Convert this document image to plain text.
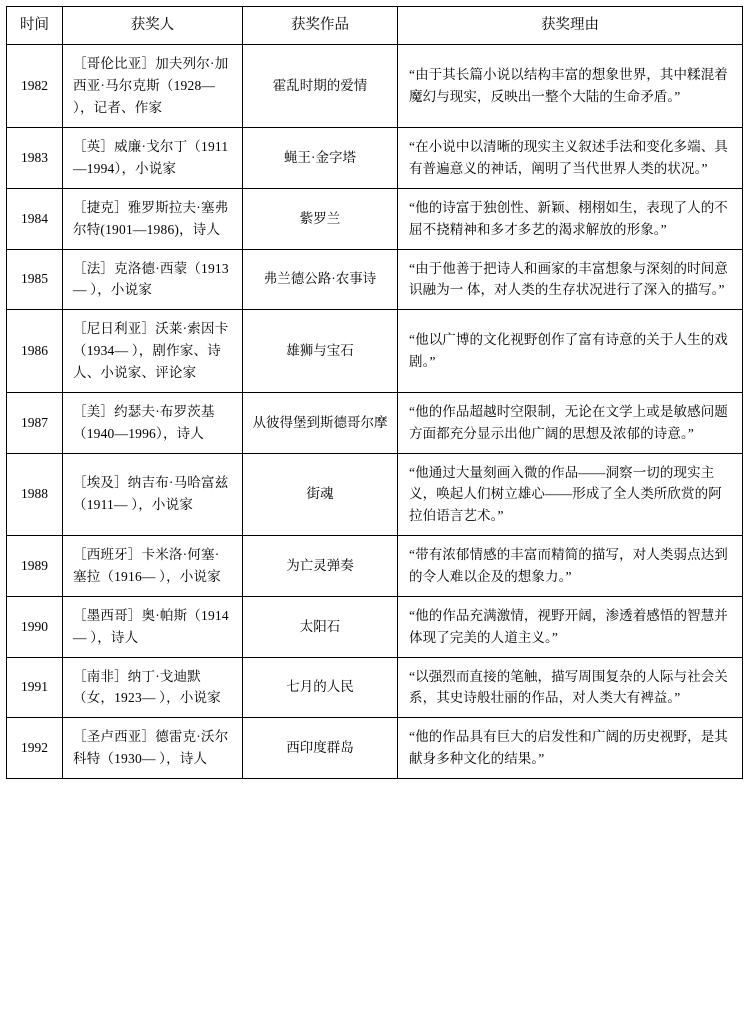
时间	获奖人	获奖作品	获奖理由
1982	［哥伦比亚］加夫列尔·加西亚·马尔克斯（1928— ），记者、作家	霍乱时期的爱情	“由于其长篇小说以结构丰富的想象世界，其中糅混着魔幻与现实，反映出一整个大陆的生命矛盾。”
1983	［英］威廉·戈尔丁（1911—1994），小说家	蝇王·金字塔	“在小说中以清晰的现实主义叙述手法和变化多端、具有普遍意义的神话，阐明了当代世界人类的状况。”
1984	［捷克］雅罗斯拉夫·塞弗尔特(1901—1986)，诗人	紫罗兰	“他的诗富于独创性、新颖、栩栩如生，表现了人的不屈不挠精神和多才多艺的渴求解放的形象。”
1985	［法］克洛德·西蒙（1913— ），小说家	弗兰德公路·农事诗	“由于他善于把诗人和画家的丰富想象与深刻的时间意识融为一 体，对人类的生存状况进行了深入的描写。”
1986	［尼日利亚］沃莱·索因卡（1934— ），剧作家、诗人、小说家、评论家	雄狮与宝石	“他以广博的文化视野创作了富有诗意的关于人生的戏剧。”
1987	［美］约瑟夫·布罗茨基（1940—1996），诗人	从彼得堡到斯德哥尔摩	“他的作品超越时空限制，无论在文学上或是敏感问题方面都充分显示出他广阔的思想及浓郁的诗意。”
1988	［埃及］纳吉布·马哈富兹（1911— ），小说家	街魂	“他通过大量刻画入微的作品——洞察一切的现实主义，唤起人们树立雄心——形成了全人类所欣赏的阿拉伯语言艺术。”
1989	［西班牙］卡米洛·何塞·塞拉（1916— ），小说家	为亡灵弹奏	“带有浓郁情感的丰富而精简的描写，对人类弱点达到的令人难以企及的想象力。”
1990	［墨西哥］奥·帕斯（1914— ），诗人	太阳石	“他的作品充满激情，视野开阔，渗透着感悟的智慧并体现了完美的人道主义。”
1991	［南非］纳丁·戈迪默（女，1923— ），小说家	七月的人民	“以强烈而直接的笔触，描写周围复杂的人际与社会关系，其史诗般壮丽的作品，对人类大有裨益。”
1992	［圣卢西亚］德雷克·沃尔科特（1930— ），诗人	西印度群岛	“他的作品具有巨大的启发性和广阔的历史视野，是其献身多种文化的结果。”
